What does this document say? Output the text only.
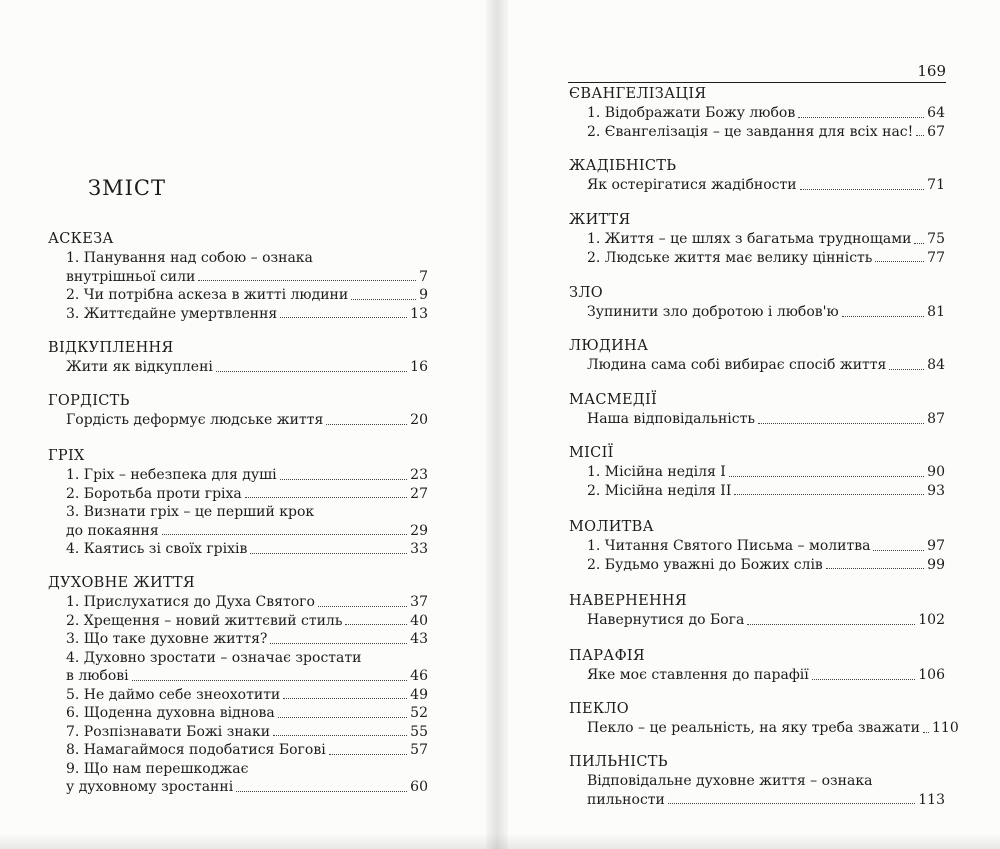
169
ЗМІСТ
АСКЕЗА
1. Панування над собою – ознака
внутрішньої сили	7
2. Чи потрібна аскеза в житті людини	9
3. Життєдайне умертвлення	13
ВІДКУПЛЕННЯ
Жити як відкуплені	16
ГОРДІСТЬ
Гордість деформує людське життя	20
ГРІХ
1. Гріх – небезпека для душі	23
2. Боротьба проти гріха	27
3. Визнати гріх – це перший крок
до покаяння	29
4. Каятись зі своїх гріхів	33
ДУХОВНЕ ЖИТТЯ
1. Прислухатися до Духа Святого	37
2. Хрещення – новий життєвий стиль	40
3. Що таке духовне життя?	43
4. Духовно зростати – означає зростати
в любові	46
5. Не даймо себе знеохотити	49
6. Щоденна духовна віднова	52
7. Розпізнавати Божі знаки	55
8. Намагаймося подобатися Богові	57
9. Що нам перешкоджає
у духовному зростанні	60
ЄВАНГЕЛІЗАЦІЯ
1. Відображати Божу любов	64
2. Євангелізація – це завдання для всіх нас! 67
ЖАДІБНІСТЬ
Як остерігатися жадібности	71
ЖИТТЯ
1. Життя – це шлях з багатьма труднощами 75
2. Людське життя має велику цінність	77
ЗЛО
Зупинити зло добротою і любов'ю	81
ЛЮДИНА
Людина сама собі вибирає спосіб життя	84
МАСМЕДІЇ
Наша відповідальність	87
МІСІЇ
1. Місійна неділя І	90
2. Місійна неділя ІІ	93
МОЛИТВА
1. Читання Святого Письма – молитва	97
2. Будьмо уважні до Божих слів	99
НАВЕРНЕННЯ
Навернутися до Бога	102
ПАРАФІЯ
Яке моє ставлення до парафії	106
ПЕКЛО
Пекло – це реальність, на яку треба зважати 110
ПИЛЬНІСТЬ
Відповідальне духовне життя – ознака
пильности	113
